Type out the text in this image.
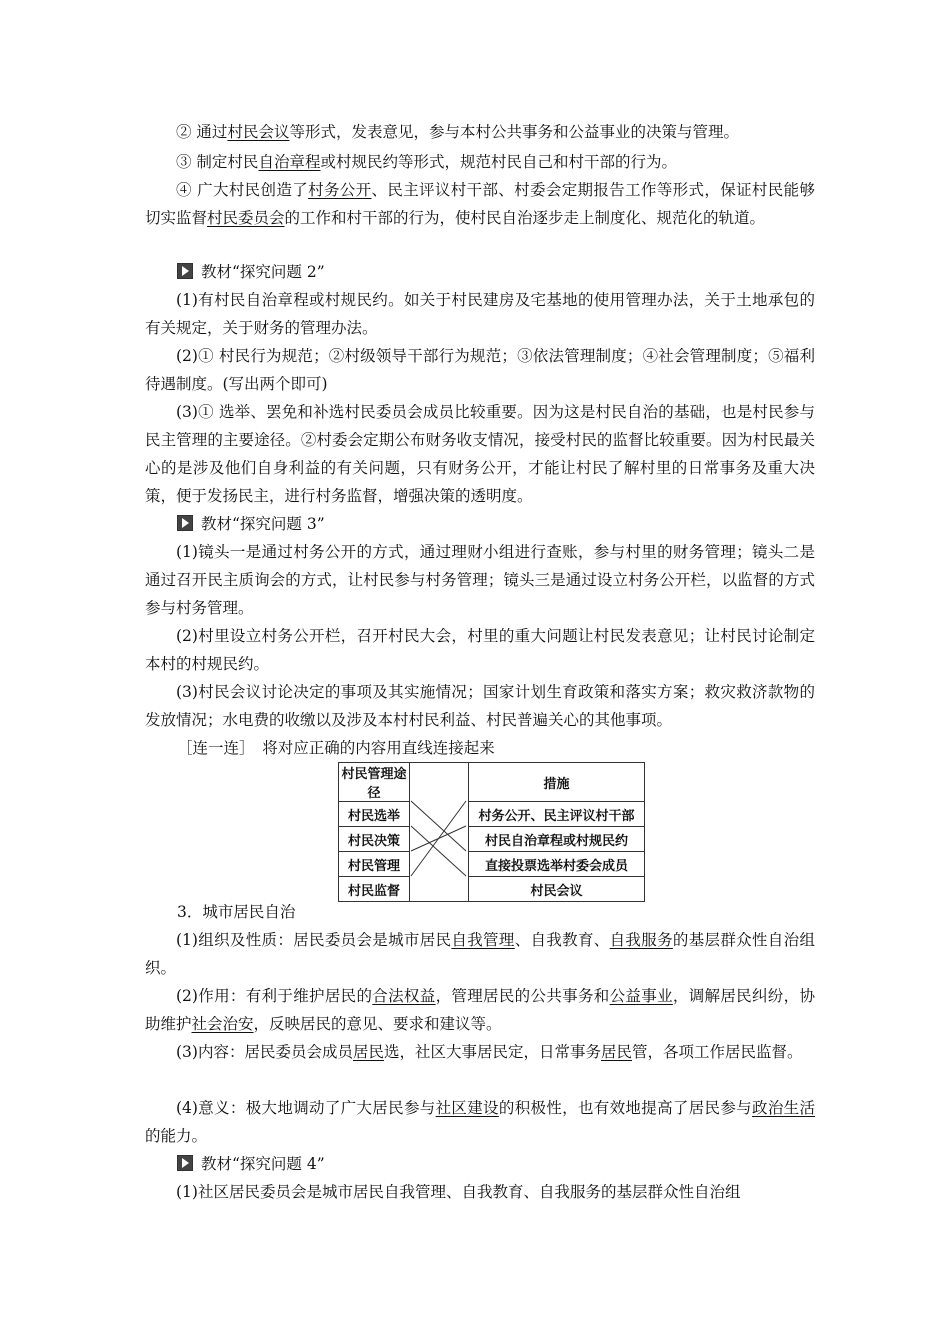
② 通过村民会议等形式，发表意见，参与本村公共事务和公益事业的决策与管理。

③ 制定村民自治章程或村规民约等形式，规范村民自己和村干部的行为。

④ 广大村民创造了村务公开、民主评议村干部、村委会定期报告工作等形式，保证村民能够切实监督村民委员会的工作和村干部的行为，使村民自治逐步走上制度化、规范化的轨道。

教材“探究问题 2”

(1)有村民自治章程或村规民约。如关于村民建房及宅基地的使用管理办法，关于土地承包的有关规定，关于财务的管理办法。

(2)① 村民行为规范；②村级领导干部行为规范；③依法管理制度；④社会管理制度；⑤福利待遇制度。(写出两个即可)

(3)① 选举、罢免和补选村民委员会成员比较重要。因为这是村民自治的基础，也是村民参与民主管理的主要途径。②村委会定期公布财务收支情况，接受村民的监督比较重要。因为村民最关心的是涉及他们自身利益的有关问题，只有财务公开，才能让村民了解村里的日常事务及重大决策，便于发扬民主，进行村务监督，增强决策的透明度。

教材“探究问题 3”

(1)镜头一是通过村务公开的方式，通过理财小组进行查账，参与村里的财务管理；镜头二是通过召开民主质询会的方式，让村民参与村务管理；镜头三是通过设立村务公开栏，以监督的方式参与村务管理。

(2)村里设立村务公开栏，召开村民大会，村里的重大问题让村民发表意见；让村民讨论制定本村的村规民约。

(3)村民会议讨论决定的事项及其实施情况；国家计划生育政策和落实方案；救灾救济款物的发放情况；水电费的收缴以及涉及本村村民利益、村民普遍关心的其他事项。

［连一连］　将对应正确的内容用直线连接起来

村民管理途径		措施
村民选举		村务公开、民主评议村干部
村民决策		村民自治章程或村规民约
村民管理		直接投票选举村委会成员
村民监督		村民会议

3．城市居民自治

(1)组织及性质：居民委员会是城市居民自我管理、自我教育、自我服务的基层群众性自治组织。

(2)作用：有利于维护居民的合法权益，管理居民的公共事务和公益事业，调解居民纠纷，协助维护社会治安，反映居民的意见、要求和建议等。

(3)内容：居民委员会成员居民选，社区大事居民定，日常事务居民管，各项工作居民监督。

(4)意义：极大地调动了广大居民参与社区建设的积极性，也有效地提高了居民参与政治生活的能力。

教材“探究问题 4”

(1)社区居民委员会是城市居民自我管理、自我教育、自我服务的基层群众性自治组
